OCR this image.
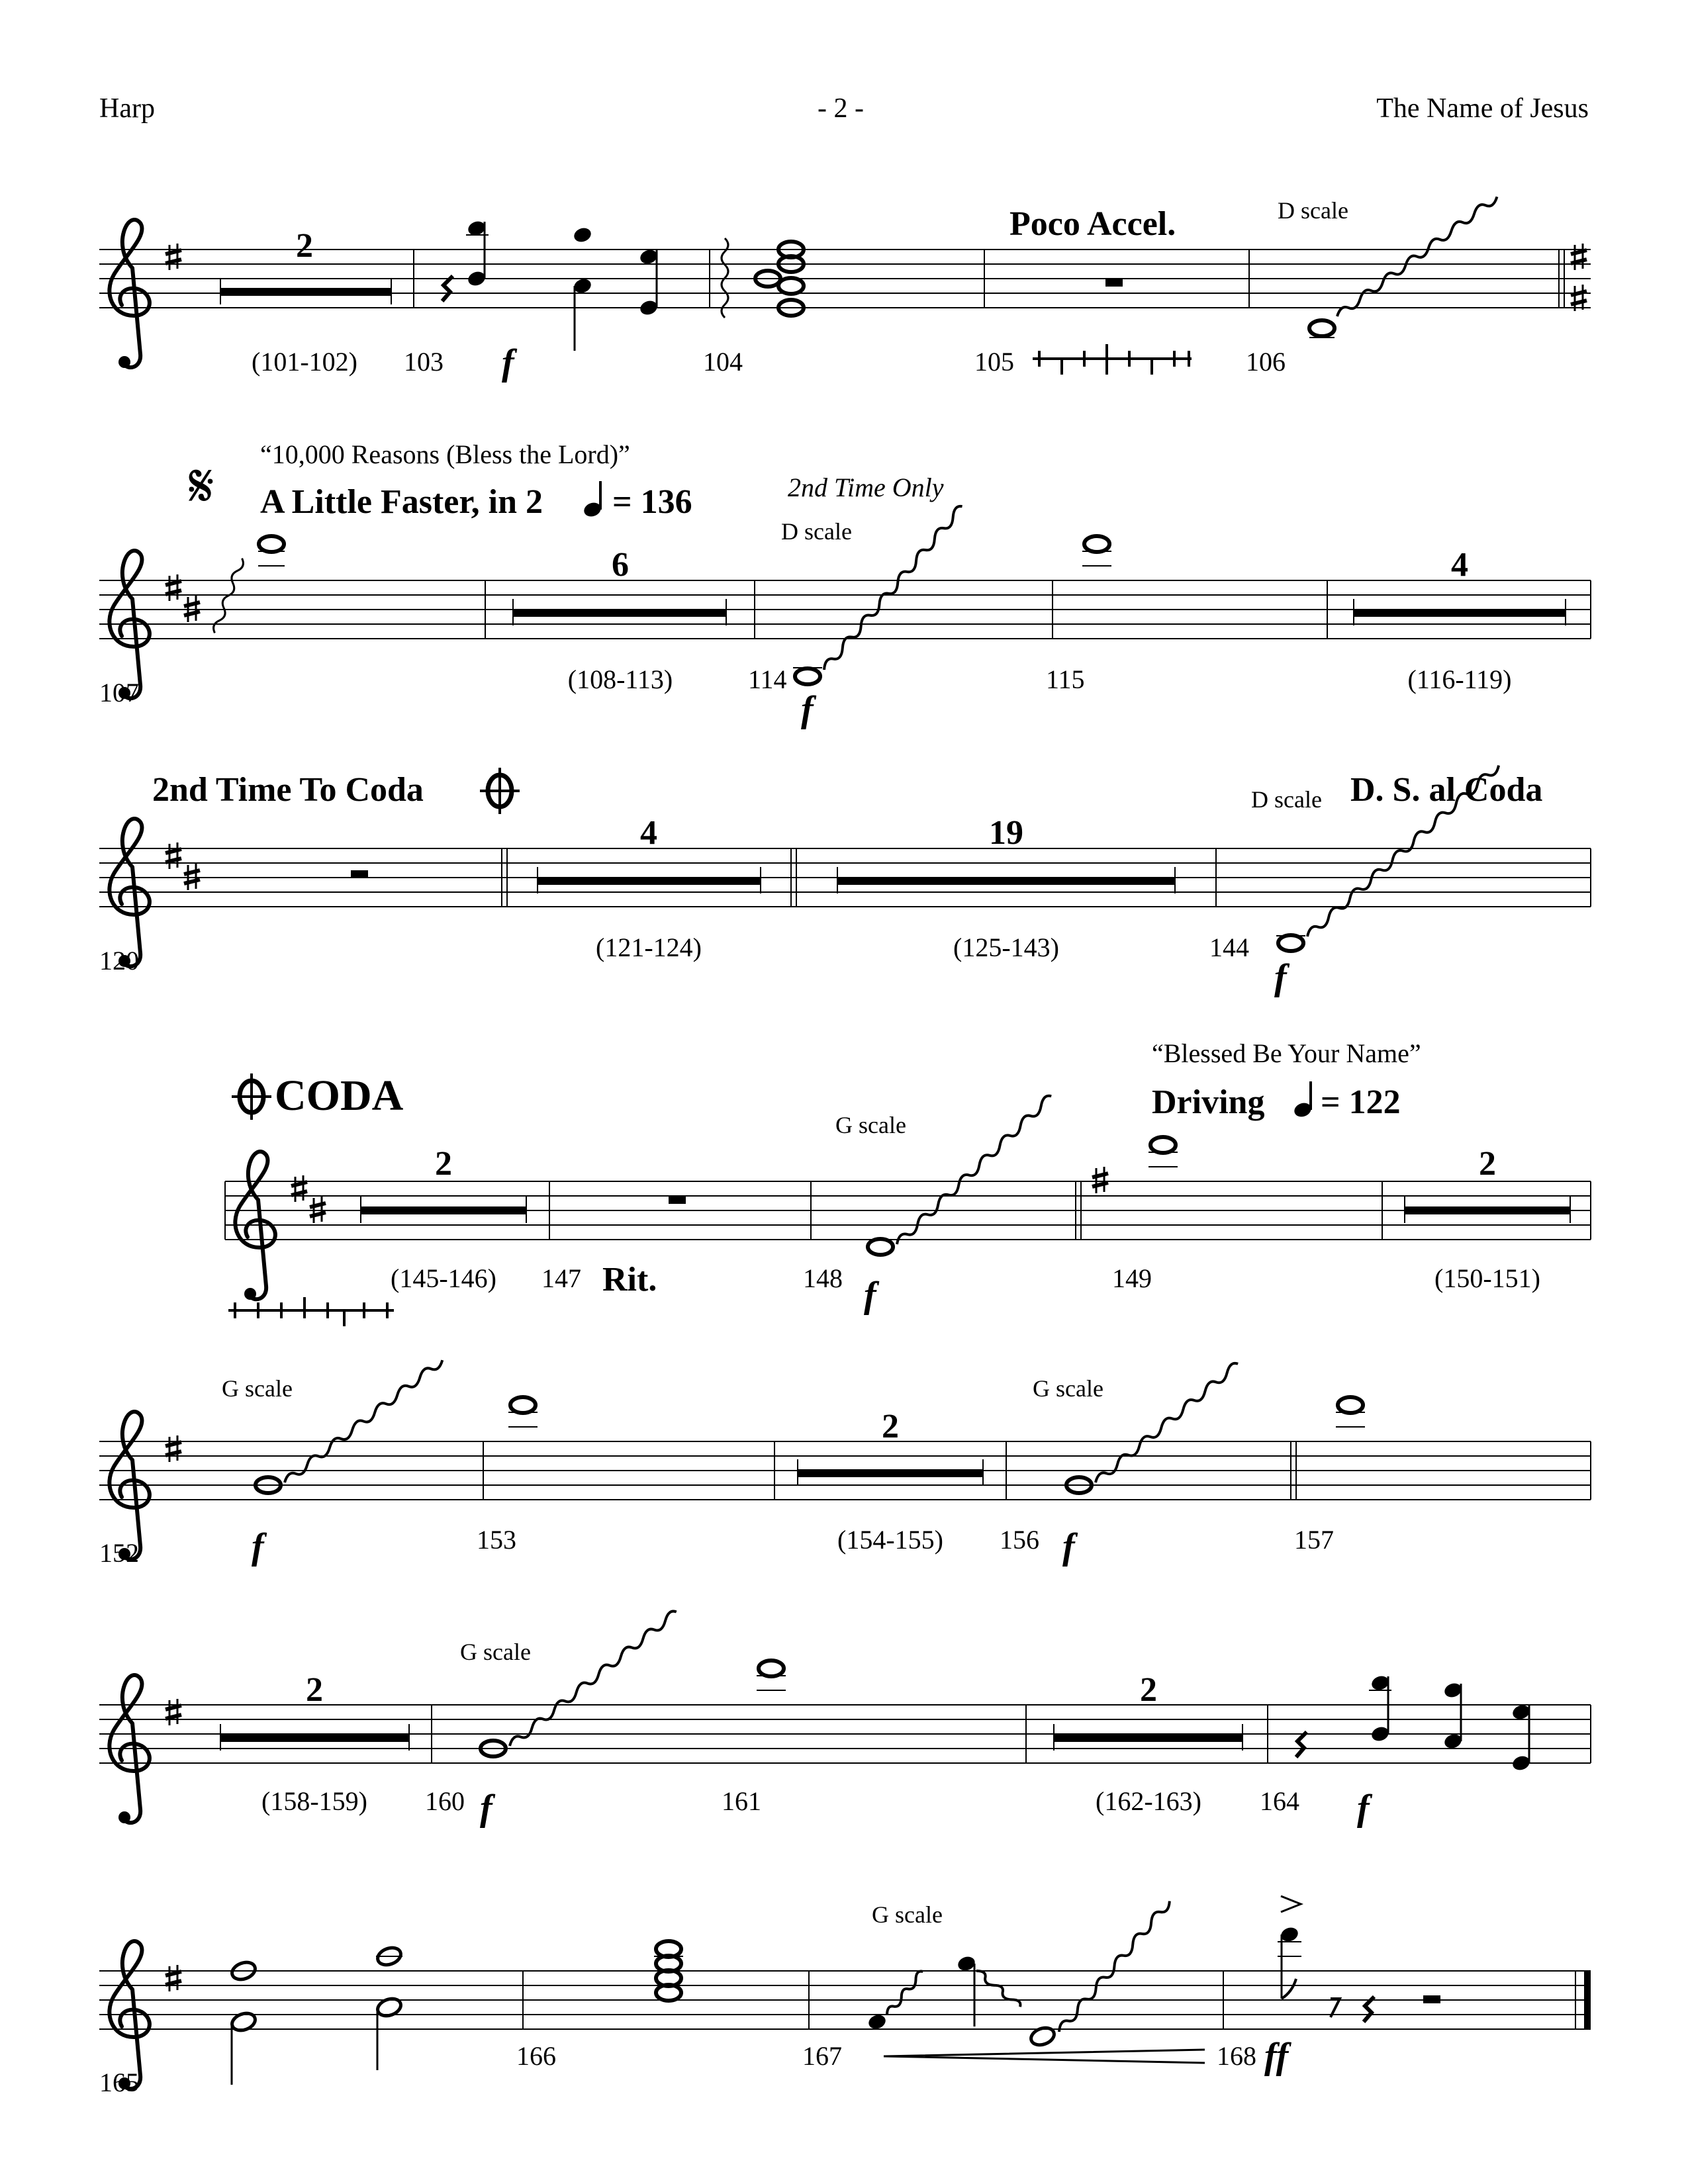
Harp	- 2 -	The Name of Jesus
2
(101-102) 103	104	105	106
f
Poco Accel.	D scale
6	4
107	(108-113)	114	115	(116-119)
f
𝄋 “10,000 Reasons (Bless the Lord)”
A Little Faster, in 2 = 136	2nd Time Only
D scale
4	19
120	(121-124)	(125-143)	144
f
2nd Time To Coda	D scale D. S. al Coda
2	2
(145-146) 147	148	149	(150-151)
f
Rit.
CODA
“Blessed Be Your Name”
Driving = 122
G scale
2
152	153	(154-155) 156	157
f	f
G scale	G scale
2	2
(158-159) 160	161	(162-163) 164
f	f
G scale
165
166	167	168 ff
G scale
